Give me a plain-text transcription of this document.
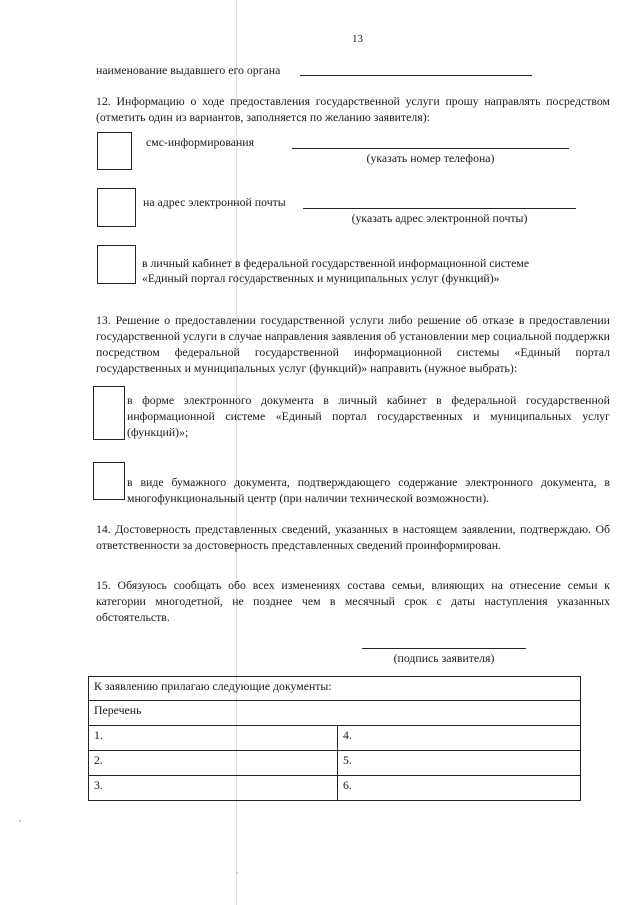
13
наименование выдавшего его органа
12. Информацию о ходе предоставления государственной услуги прошу направлять посредством (отметить один из вариантов, заполняется по желанию заявителя):
смс-информирования
(указать номер телефона)
на адрес электронной почты
(указать адрес электронной почты)
в личный кабинет в федеральной государственной информационной системе
«Единый портал государственных и муниципальных услуг (функций)»
13. Решение о предоставлении государственной услуги либо решение об отказе в предоставлении государственной услуги в случае направления заявления об установлении мер социальной поддержки посредством федеральной государственной информационной системы «Единый портал государственных и муниципальных услуг (функций)» направить (нужное выбрать):
в форме электронного документа в личный кабинет в федеральной государственной информационной системе «Единый портал государственных и муниципальных услуг (функций)»;
в виде бумажного документа, подтверждающего содержание электронного документа, в многофункциональный центр (при наличии технической возможности).
14. Достоверность представленных сведений, указанных в настоящем заявлении, подтверждаю. Об ответственности за достоверность представленных сведений проинформирован.
15. Обязуюсь сообщать обо всех изменениях состава семьи, влияющих на отнесение семьи к категории многодетной, не позднее чем в месячный срок с даты наступления указанных обстоятельств.
(подпись заявителя)
К заявлению прилагаю следующие документы:	
Перечень	
1.	4.
2.	5.
3.	6.
